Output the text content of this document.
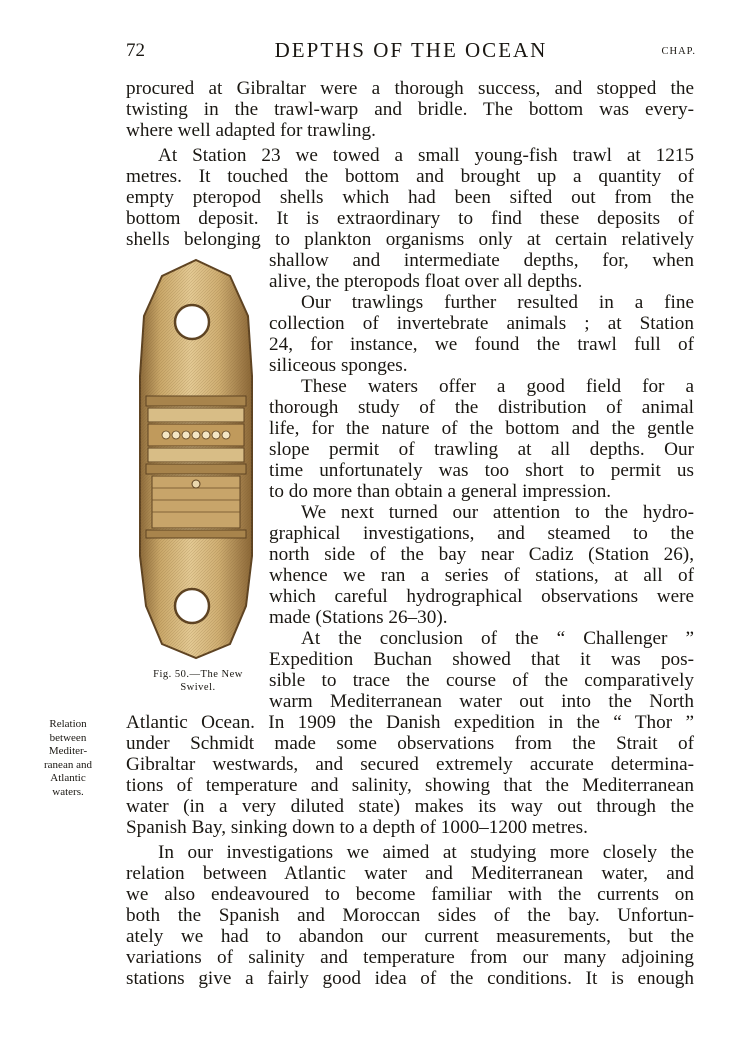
72	DEPTHS OF THE OCEAN	CHAP.
procured at Gibraltar were a thorough success, and stopped the
twisting in the trawl-warp and bridle. The bottom was every-
where well adapted for trawling.
At Station 23 we towed a small young-fish trawl at 1215
metres. It touched the bottom and brought up a quantity of
empty pteropod shells which had been sifted out from the
bottom deposit. It is extraordinary to find these deposits of
shells belonging to plankton organisms only at certain relatively
shallow and intermediate depths, for, when
alive, the pteropods float over all depths.
Our trawlings further resulted in a fine
collection of invertebrate animals ; at Station
24, for instance, we found the trawl full of
siliceous sponges.
These waters offer a good field for a
thorough study of the distribution of animal
life, for the nature of the bottom and the gentle
slope permit of trawling at all depths. Our
time unfortunately was too short to permit us
to do more than obtain a general impression.
We next turned our attention to the hydro-
graphical investigations, and steamed to the
north side of the bay near Cadiz (Station 26),
whence we ran a series of stations, at all of
which careful hydrographical observations were
made (Stations 26–30).
At the conclusion of the “ Challenger ”
Expedition Buchan showed that it was pos-
sible to trace the course of the comparatively
warm Mediterranean water out into the North
Atlantic Ocean. In 1909 the Danish expedition in the “ Thor ”
under Schmidt made some observations from the Strait of
Gibraltar westwards, and secured extremely accurate determina-
tions of temperature and salinity, showing that the Mediterranean
water (in a very diluted state) makes its way out through the
Spanish Bay, sinking down to a depth of 1000–1200 metres.
In our investigations we aimed at studying more closely the
relation between Atlantic water and Mediterranean water, and
we also endeavoured to become familiar with the currents on
both the Spanish and Moroccan sides of the bay. Unfortun-
ately we had to abandon our current measurements, but the
variations of salinity and temperature from our many adjoining
stations give a fairly good idea of the conditions. It is enough
Fig. 50.—The New
Swivel.
Relation
between
Mediter-
ranean and
Atlantic
waters.
